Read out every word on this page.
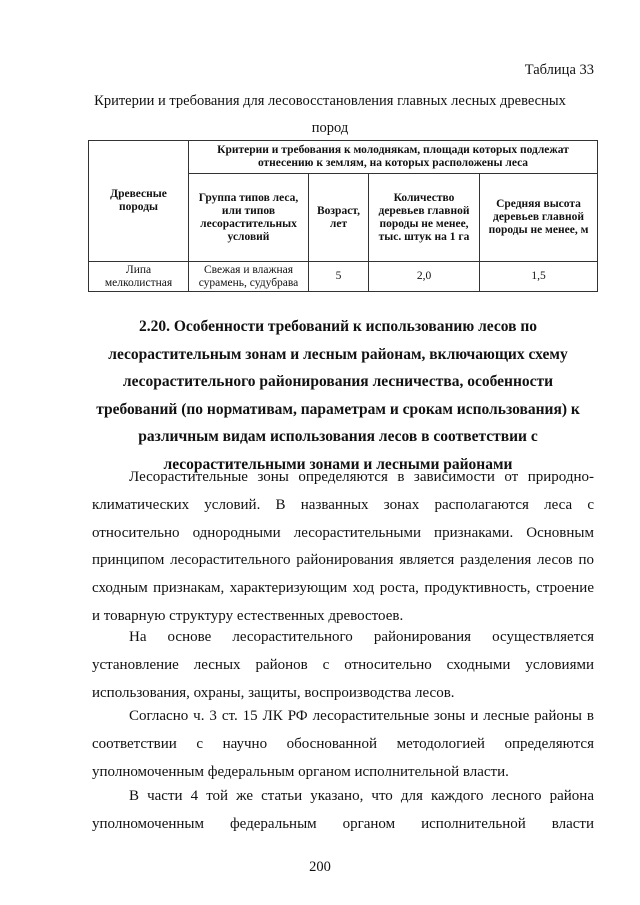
Таблица 33
Критерии и требования для лесовосстановления главных лесных древесных пород
Древесные породы	Критерии и требования к молоднякам, площади которых подлежат отнесению к землям, на которых расположены леса			
	Группа типов леса, или типов лесорастительных условий	Возраст, лет	Количество деревьев главной породы не менее, тыс. штук на 1 га	Средняя высота деревьев главной породы не менее, м
Липа мелколистная	Свежая и влажная сурамень, судубрава	5	2,0	1,5
2.20. Особенности требований к использованию лесов по лесорастительным зонам и лесным районам, включающих схему лесорастительного районирования лесничества, особенности требований (по нормативам, параметрам и срокам использования) к различным видам использования лесов в соответствии с лесорастительными зонами и лесными районами
Лесорастительные зоны определяются в зависимости от природно-климатических условий. В названных зонах располагаются леса с относительно однородными лесорастительными признаками. Основным принципом лесорастительного районирования является разделения лесов по сходным признакам, характеризующим ход роста, продуктивность, строение и товарную структуру естественных древостоев.
На основе лесорастительного районирования осуществляется установление лесных районов с относительно сходными условиями использования, охраны, защиты, воспроизводства лесов.
Согласно ч. 3 ст. 15 ЛК РФ лесорастительные зоны и лесные районы в соответствии с научно обоснованной методологией определяются уполномоченным федеральным органом исполнительной власти.
В части 4 той же статьи указано, что для каждого лесного района уполномоченным федеральным органом исполнительной власти
200
